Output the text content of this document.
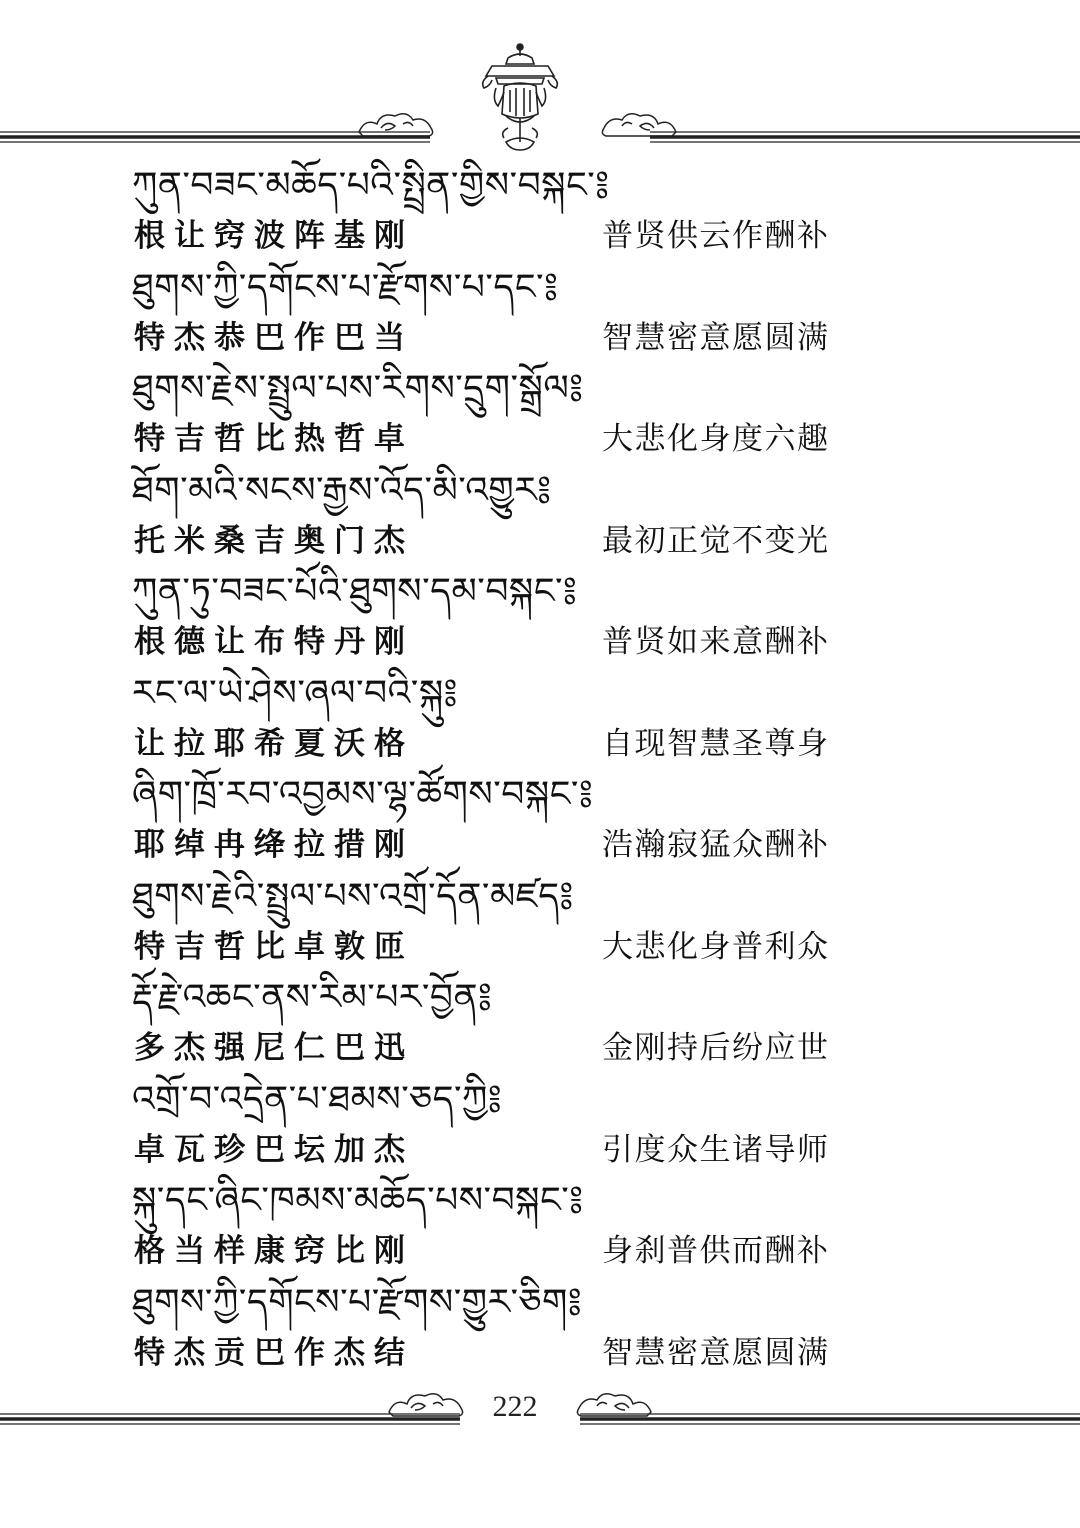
ཀུན་བཟང་མཆོད་པའི་སྤྲིན་གྱིས་བསྐང་༔
根让窍波阵基刚	普贤供云作酬补
ཐུགས་ཀྱི་དགོངས་པ་རྫོགས་པ་དང་༔
特杰恭巴作巴当	智慧密意愿圆满
ཐུགས་རྗེས་སྤྲུལ་པས་རིགས་དྲུག་སྒྲོལ༔
特吉哲比热哲卓	大悲化身度六趣
ཐོག་མའི་སངས་རྒྱས་འོད་མི་འགྱུར༔
托米桑吉奥门杰	最初正觉不变光
ཀུན་ཏུ་བཟང་པོའི་ཐུགས་དམ་བསྐང་༔
根德让布特丹刚	普贤如来意酬补
རང་ལ་ཡེ་ཤེས་ཞལ་བའི་སྐུ༔
让拉耶希夏沃格	自现智慧圣尊身
ཞིག་ཁྲོ་རབ་འབྱམས་ལྷ་ཚོགས་བསྐང་༔
耶绰冉绛拉措刚	浩瀚寂猛众酬补
ཐུགས་རྗེའི་སྤྲུལ་པས་འགྲོ་དོན་མཛད༔
特吉哲比卓敦匝	大悲化身普利众
རྡོ་རྗེ་འཆང་ནས་རིམ་པར་བྱོན༔
多杰强尼仁巴迅	金刚持后纷应世
འགྲོ་བ་འདྲེན་པ་ཐམས་ཅད་ཀྱི༔
卓瓦珍巴坛加杰	引度众生诸导师
སྐུ་དང་ཞིང་ཁམས་མཆོད་པས་བསྐང་༔
格当样康窍比刚	身刹普供而酬补
ཐུགས་ཀྱི་དགོངས་པ་རྫོགས་གྱུར་ཅིག༔
特杰贡巴作杰结	智慧密意愿圆满
222
